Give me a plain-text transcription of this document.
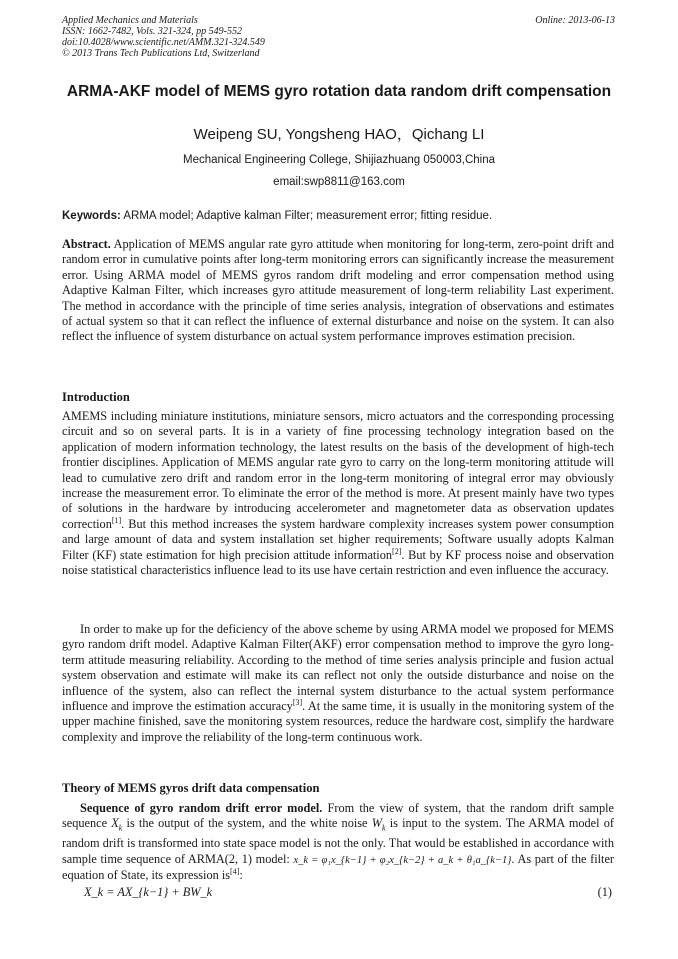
Applied Mechanics and Materials
ISSN: 1662-7482, Vols. 321-324, pp 549-552
doi:10.4028/www.scientific.net/AMM.321-324.549
© 2013 Trans Tech Publications Ltd, Switzerland
Online: 2013-06-13
ARMA-AKF model of MEMS gyro rotation data random drift compensation
Weipeng SU, Yongsheng HAO，Qichang LI
Mechanical Engineering College, Shijiazhuang 050003,China
email:swp8811@163.com
Keywords: ARMA model; Adaptive kalman Filter; measurement error; fitting residue.
Abstract. Application of MEMS angular rate gyro attitude when monitoring for long-term, zero-point drift and random error in cumulative points after long-term monitoring errors can significantly increase the measurement error. Using ARMA model of MEMS gyros random drift modeling and error compensation method using Adaptive Kalman Filter, which increases gyro attitude measurement of long-term reliability Last experiment. The method in accordance with the principle of time series analysis, integration of observations and estimates of actual system so that it can reflect the influence of external disturbance and noise on the system. It can also reflect the influence of system disturbance on actual system performance improves estimation precision.
Introduction
AMEMS including miniature institutions, miniature sensors, micro actuators and the corresponding processing circuit and so on several parts. It is in a variety of fine processing technology integration based on the application of modern information technology, the latest results on the basis of the development of high-tech frontier disciplines. Application of MEMS angular rate gyro to carry on the long-term monitoring attitude will lead to cumulative zero drift and random error in the long-term monitoring of integral error may obviously increase the measurement error. To eliminate the error of the method is more. At present mainly have two types of solutions in the hardware by introducing accelerometer and magnetometer data as observation updates correction[1]. But this method increases the system hardware complexity increases system power consumption and large amount of data and system installation set higher requirements; Software usually adopts Kalman Filter (KF) state estimation for high precision attitude information[2]. But by KF process noise and observation noise statistical characteristics influence lead to its use have certain restriction and even influence the accuracy.
In order to make up for the deficiency of the above scheme by using ARMA model we proposed for MEMS gyro random drift model. Adaptive Kalman Filter(AKF) error compensation method to improve the gyro long-term attitude measuring reliability. According to the method of time series analysis principle and fusion actual system observation and estimate will make its can reflect not only the outside disturbance and noise on the influence of the system, also can reflect the internal system disturbance to the actual system performance influence and improve the estimation accuracy[3]. At the same time, it is usually in the monitoring system of the upper machine finished, save the monitoring system resources, reduce the hardware cost, simplify the hardware complexity and improve the reliability of the long-term continuous work.
Theory of MEMS gyros drift data compensation
Sequence of gyro random drift error model. From the view of system, that the random drift sample sequence $X_k$ is the output of the system, and the white noise $W_k$ is input to the system. The ARMA model of random drift is transformed into state space model is not the only. That would be established in accordance with sample time sequence of ARMA(2, 1) model: x_k = φ₁x_{k−1} + φ₂x_{k−2} + a_k + θ₁a_{k−1}. As part of the filter equation of State, its expression is[4]:
X_k = AX_{k−1} + BW_k	(1)
